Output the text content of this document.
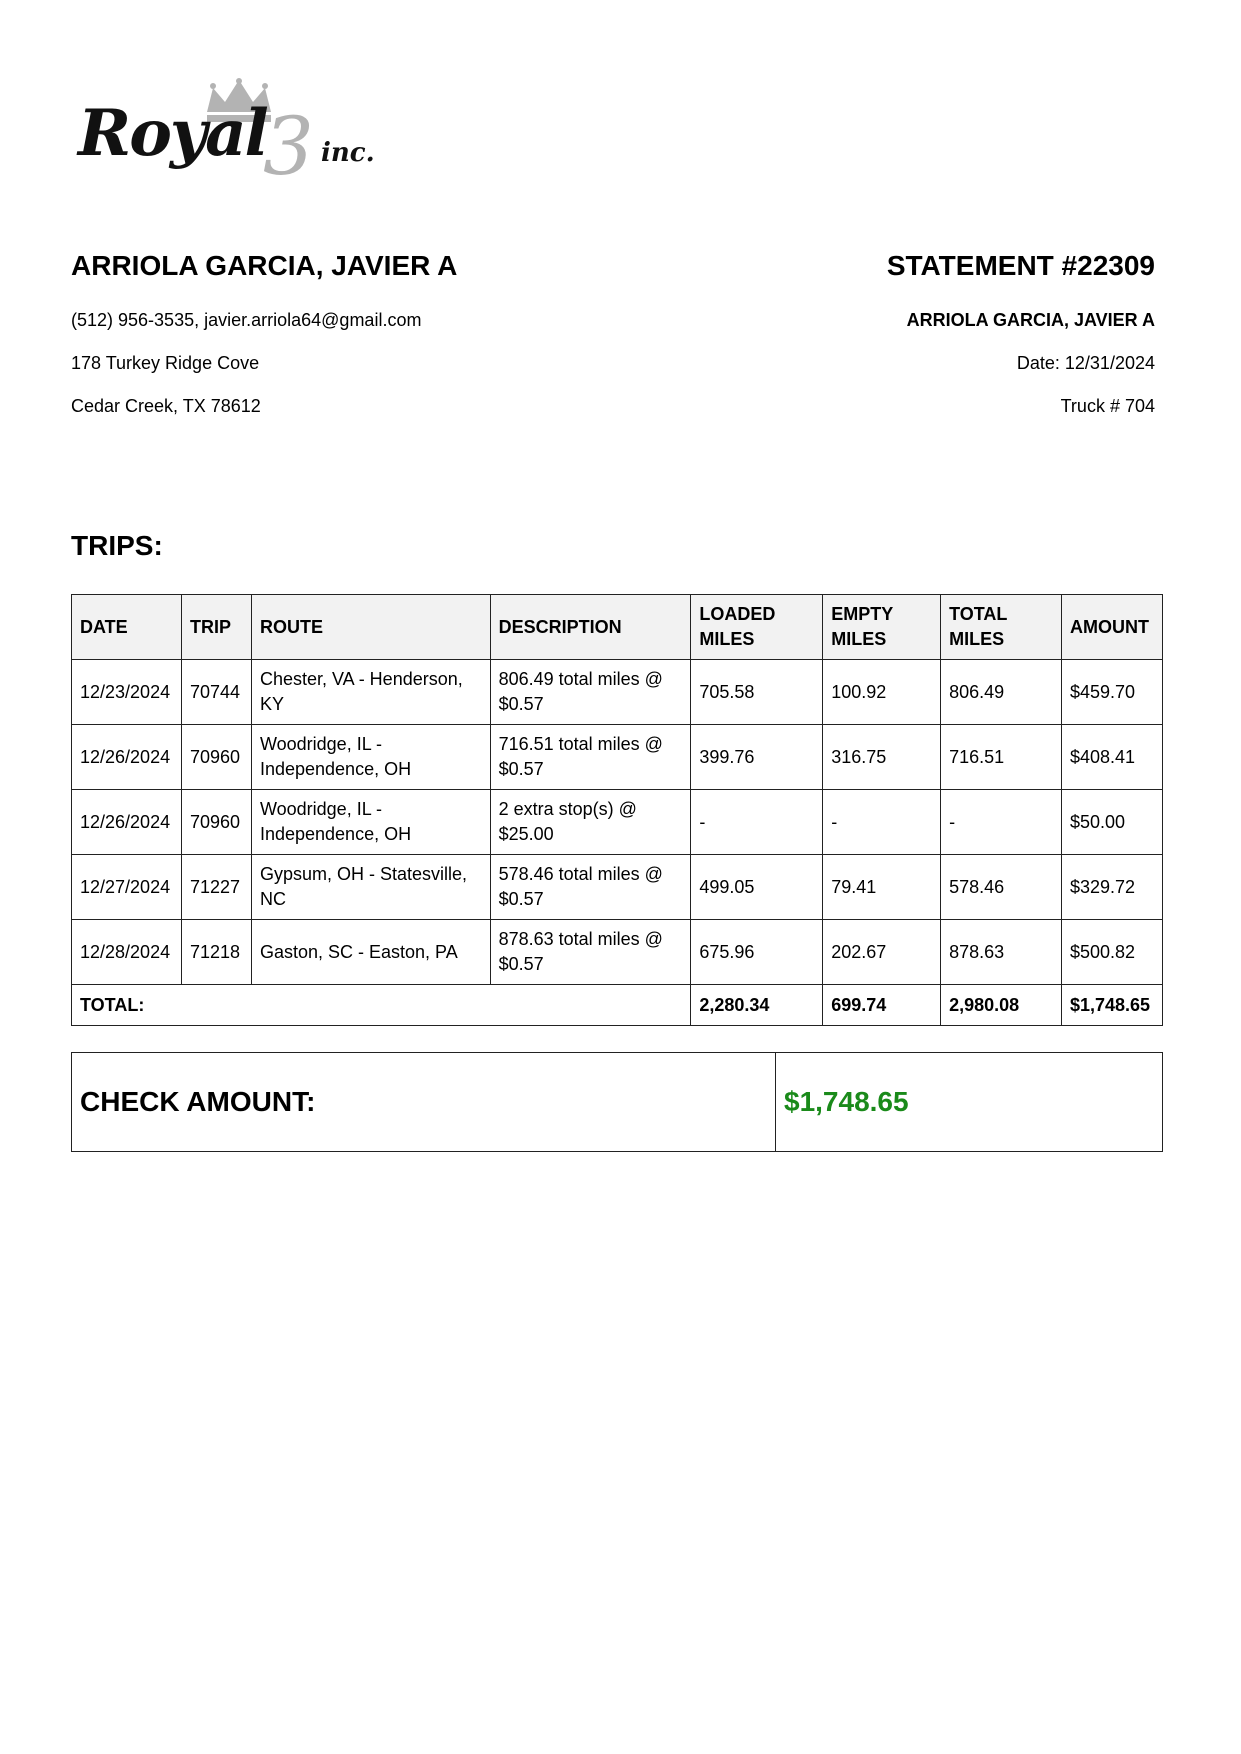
Royal
3 inc.
ARRIOLA GARCIA, JAVIER A	STATEMENT #22309
(512) 956-3535, javier.arriola64@gmail.com
178 Turkey Ridge Cove
Cedar Creek, TX 78612
ARRIOLA GARCIA, JAVIER A
Date: 12/31/2024
Truck # 704
TRIPS:
DATE	TRIP	ROUTE	DESCRIPTION	LOADED MILES	EMPTY MILES	TOTAL MILES	AMOUNT
12/23/2024	70744	Chester, VA - Henderson, KY	806.49 total miles @ $0.57	705.58	100.92	806.49	$459.70
12/26/2024	70960	Woodridge, IL - Independence, OH	716.51 total miles @ $0.57	399.76	316.75	716.51	$408.41
12/26/2024	70960	Woodridge, IL - Independence, OH	2 extra stop(s) @ $25.00	-	-	-	$50.00
12/27/2024	71227	Gypsum, OH - Statesville, NC	578.46 total miles @ $0.57	499.05	79.41	578.46	$329.72
12/28/2024	71218	Gaston, SC - Easton, PA	878.63 total miles @ $0.57	675.96	202.67	878.63	$500.82
TOTAL:				2,280.34	699.74	2,980.08	$1,748.65
CHECK AMOUNT:	$1,748.65
